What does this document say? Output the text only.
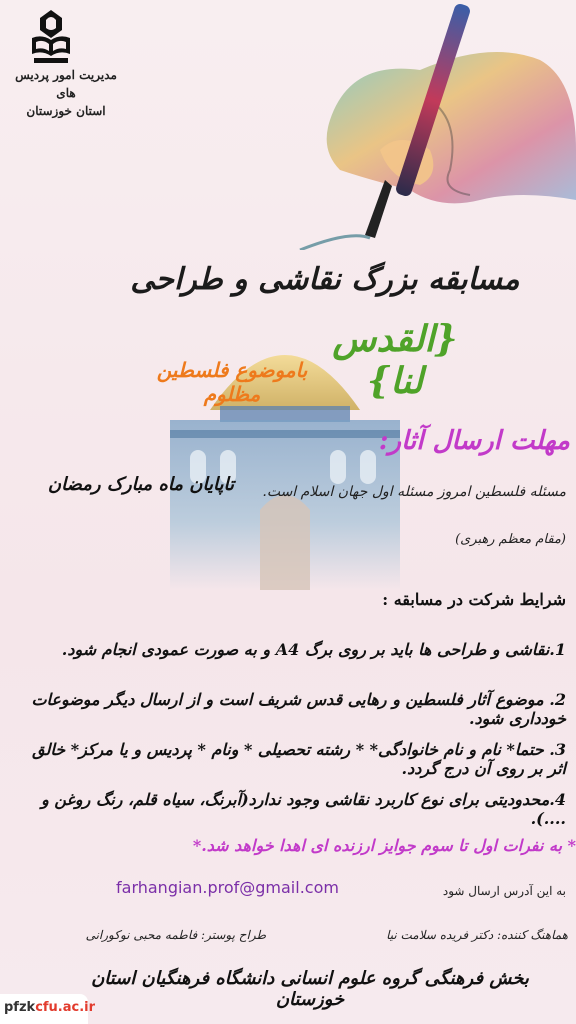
مدیریت امور پردیس های
استان خوزستان
مسابقه بزرگ نقاشی و طراحی
{القدس لنا}
باموضوع فلسطین مظلوم
مهلت ارسال آثار:
مسئله فلسطین امروز مسئله اول جهان اسلام است.
تاپایان ماه مبارک رمضان
(مقام معظم رهبری)
شرایط شرکت در مسابقه :
1.نقاشی و طراحی ها باید بر روی برگ A4 و به صورت عمودی انجام شود.
2. موضوع آثار فلسطین و رهایی قدس شریف است و از ارسال دیگر موضوعات خودداری شود.
3. حتما* نام و نام خانوادگی* * رشته تحصیلی * ونام * پردیس و یا مرکز* خالق اثر بر روی آن درج گردد.
4.محدودیتی برای نوع کاربرد نقاشی وجود ندارد(آبرنگ، سیاه قلم، رنگ روغن و ....).
* به نفرات اول تا سوم جوایز ارزنده ای اهدا خواهد شد.*
به این آدرس ارسال شود
farhangian.prof@gmail.com
هماهنگ کننده: دکتر فریده سلامت نیا
طراح پوستر: فاطمه محبی نوکورانی
بخش فرهنگی گروه علوم انسانی دانشگاه فرهنگیان استان خوزستان
pfzkcfu.ac.ir
